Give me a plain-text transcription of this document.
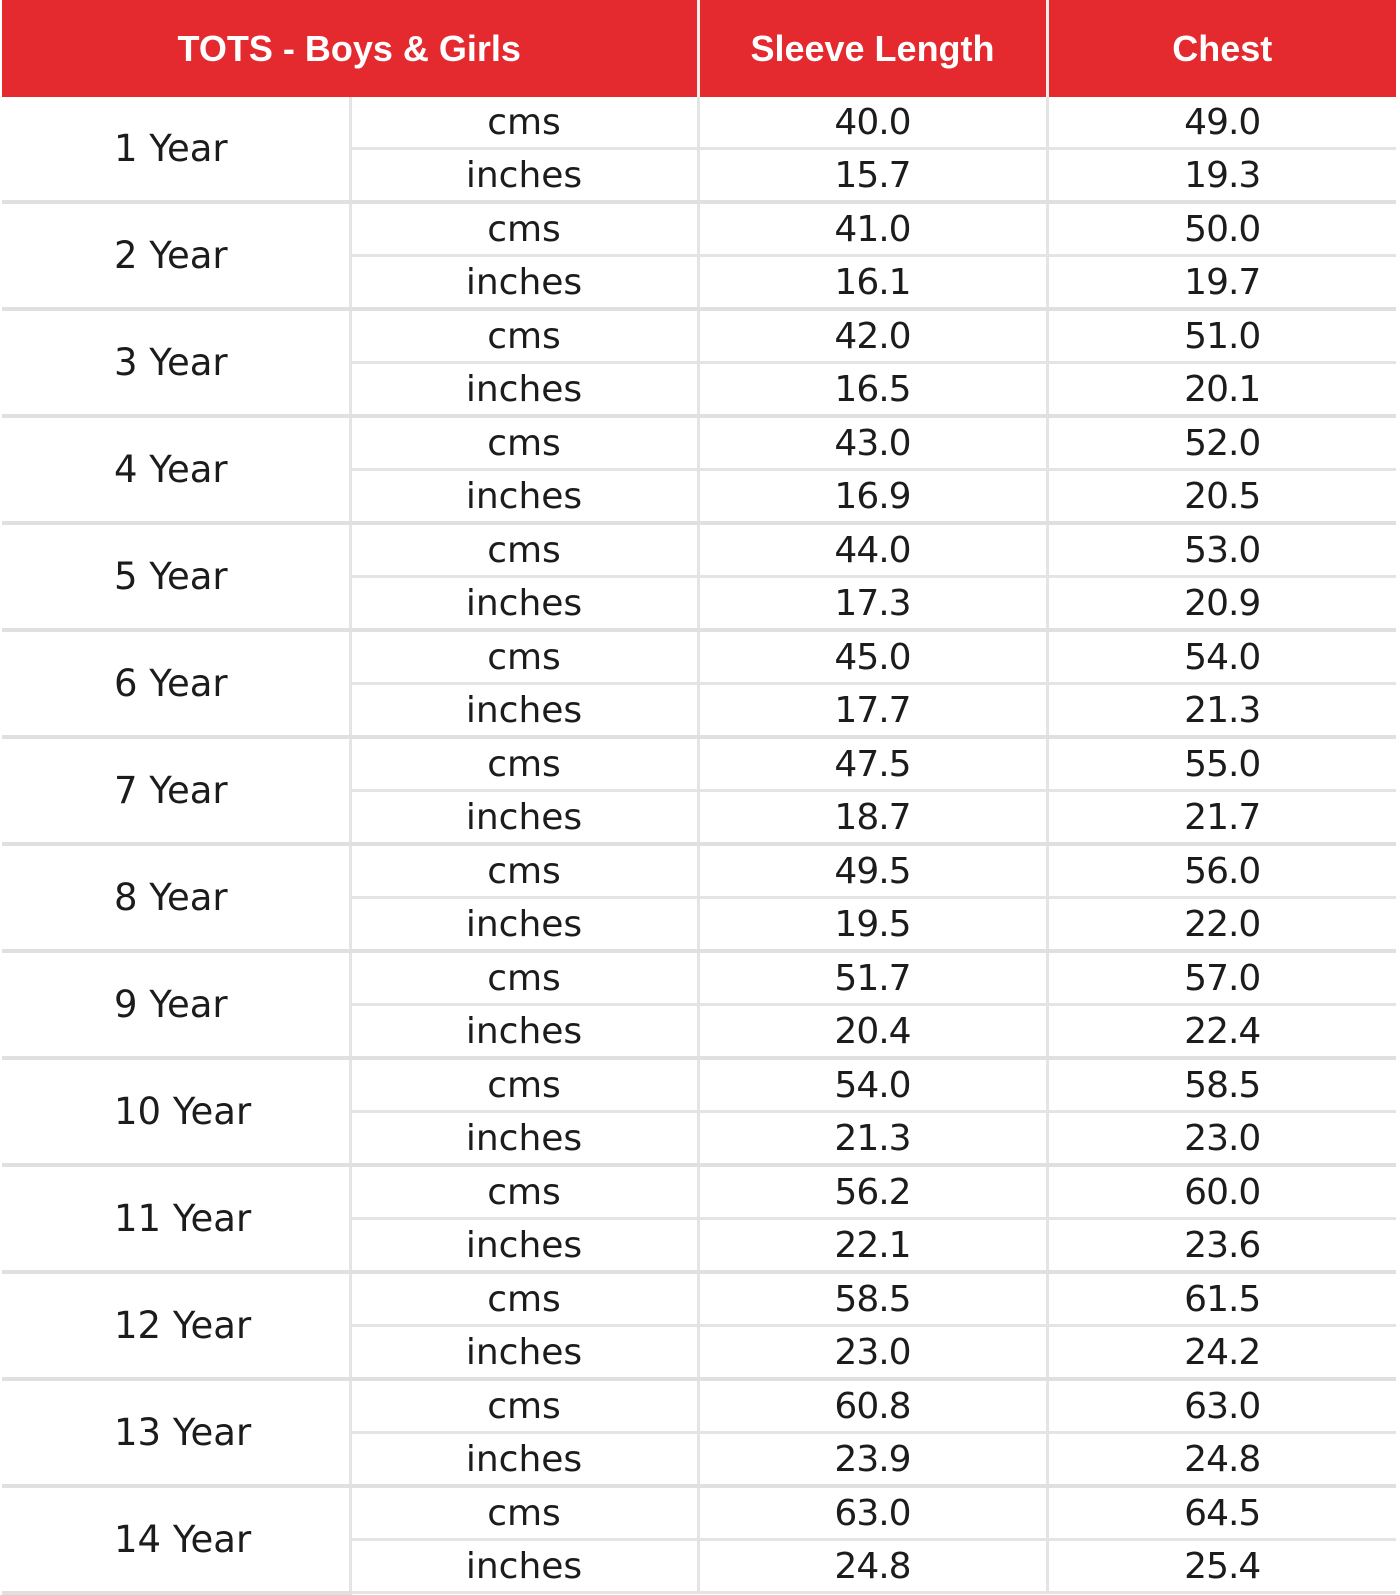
TOTS - Boys & Girls		Sleeve Length	Chest
1 Year	cms	40.0	49.0
	inches	15.7	19.3
2 Year	cms	41.0	50.0
	inches	16.1	19.7
3 Year	cms	42.0	51.0
	inches	16.5	20.1
4 Year	cms	43.0	52.0
	inches	16.9	20.5
5 Year	cms	44.0	53.0
	inches	17.3	20.9
6 Year	cms	45.0	54.0
	inches	17.7	21.3
7 Year	cms	47.5	55.0
	inches	18.7	21.7
8 Year	cms	49.5	56.0
	inches	19.5	22.0
9 Year	cms	51.7	57.0
	inches	20.4	22.4
10 Year	cms	54.0	58.5
	inches	21.3	23.0
11 Year	cms	56.2	60.0
	inches	22.1	23.6
12 Year	cms	58.5	61.5
	inches	23.0	24.2
13 Year	cms	60.8	63.0
	inches	23.9	24.8
14 Year	cms	63.0	64.5
	inches	24.8	25.4
